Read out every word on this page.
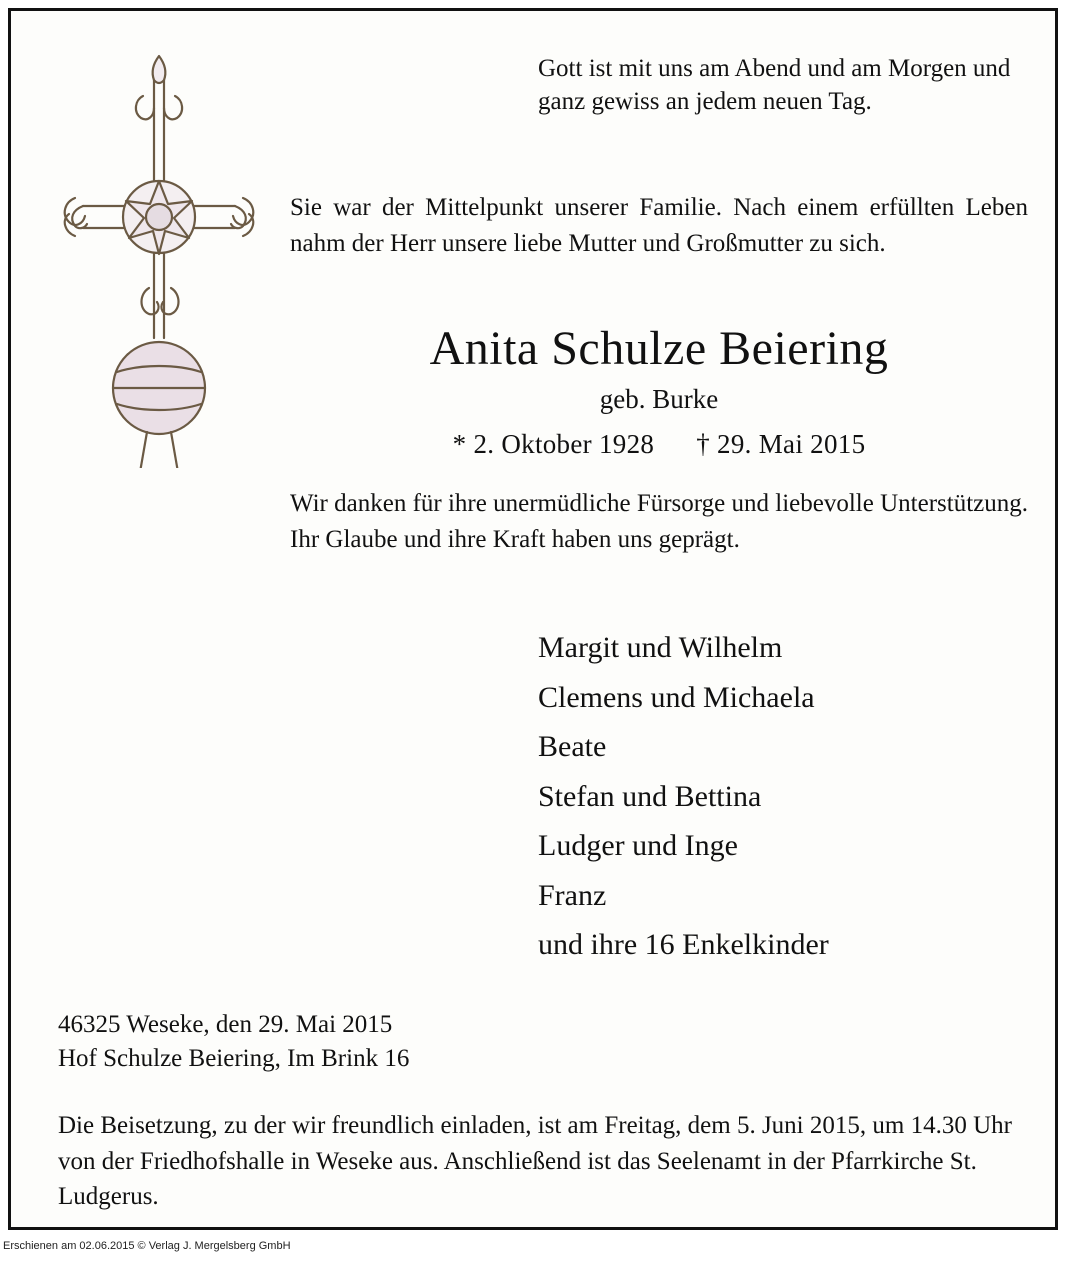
Gott ist mit uns am Abend und am Morgen und ganz gewiss an jedem neuen Tag.
Sie war der Mittelpunkt unserer Familie. Nach einem erfüllten Leben nahm der Herr unsere liebe Mutter und Großmutter zu sich.
Anita Schulze Beiering
geb. Burke
* 2. Oktober 1928 † 29. Mai 2015
Wir danken für ihre unermüdliche Fürsorge und liebevolle Unterstützung. Ihr Glaube und ihre Kraft haben uns geprägt.
Margit und Wilhelm
Clemens und Michaela
Beate
Stefan und Bettina
Ludger und Inge
Franz
und ihre 16 Enkelkinder
46325 Weseke, den 29. Mai 2015
Hof Schulze Beiering, Im Brink 16
Die Beisetzung, zu der wir freundlich einladen, ist am Freitag, dem 5. Juni 2015, um 14.30 Uhr von der Friedhofshalle in Weseke aus. Anschließend ist das Seelenamt in der Pfarrkirche St. Ludgerus.
Erschienen am 02.06.2015 © Verlag J. Mergelsberg GmbH
